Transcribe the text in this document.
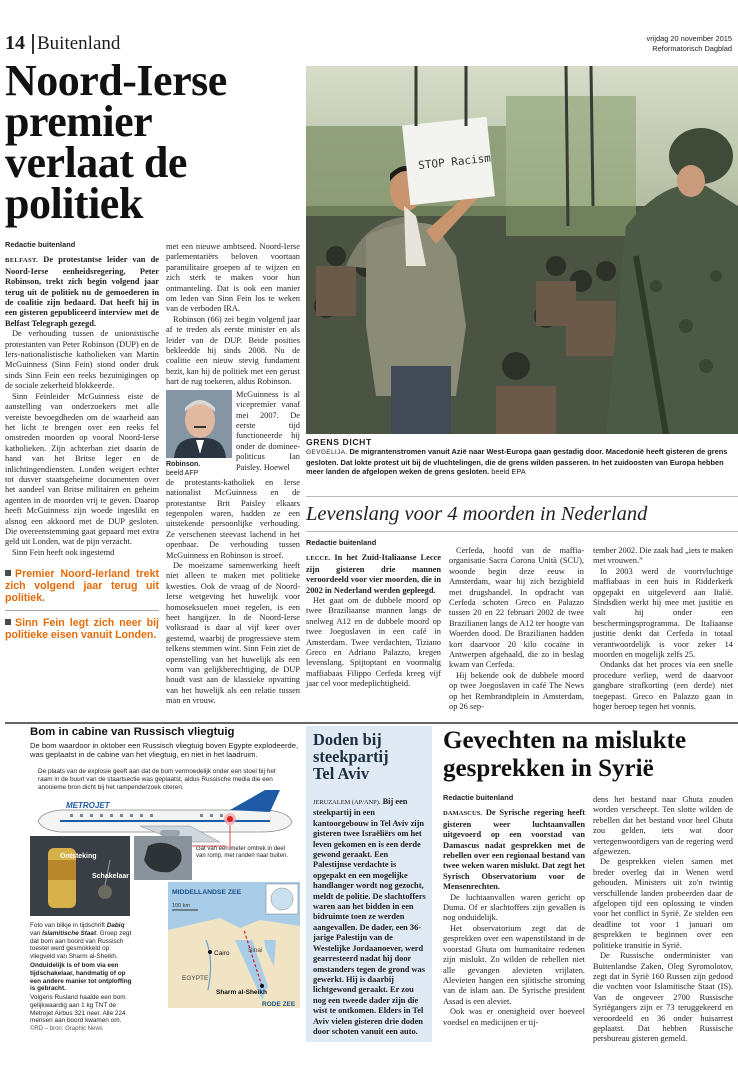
14 Buitenland	vrijdag 20 november 2015
Reformatorisch Dagblad
Noord-Ierse
premier
verlaat de
politiek
Redactie buitenland

BELFAST. De protestantse leider van de Noord-Ierse eenheidsregering, Peter Robinson, trekt zich begin volgend jaar terug uit de politiek nu de gemoederen in de coalitie zijn bedaard. Dat heeft hij in een gisteren gepubliceerd interview met de Belfast Telegraph gezegd.

De verhouding tussen de unionistische protestanten van Peter Robinson (DUP) en de Iers-nationalistische katholieken van Martin McGuinness (Sinn Fein) stond onder druk sinds Sinn Fein een reeks bezuinigingen op de sociale zekerheid blokkeerde.

Sinn Feinleider McGuinness eiste de aanstelling van onderzoekers met alle vereiste bevoegdheden om de waarheid aan het licht te brengen over een reeks fel omstreden moorden op vooral Noord-Ierse katholieken. Zijn achterban ziet daarin de hand van het Britse leger en de inlichtingendiensten. Londen weigert echter tot dusver staatsgeheime documenten over het aandeel van Britse militairen en geheim agenten in de moorden vrij te geven. Daarop heeft McGuinness zijn woede ingeslikt en alsnog een akkoord met de DUP gesloten. Die overeenstemming gaat gepaard met extra geld uit Londen, wat de pijn verzacht.

Sinn Fein heeft ook ingestemd

Premier Noord-Ierland trekt zich volgend jaar terug uit politiek.
Sinn Fein legt zich neer bij politieke eisen vanuit Londen.

met een nieuwe ambtseed. Noord-Ierse parlementariërs beloven voortaan paramilitaire groepen af te wijzen en zich sterk te maken voor hun ontmanteling. Dat is ook een manier om leden van Sinn Fein los te weken van de verboden IRA.

Robinson (66) zei begin volgend jaar af te treden als eerste minister en als leider van de DUP. Beide posities bekleedde hij sinds 2008. Nu de coalitie een nieuw stevig fundament bezit, kan hij de politiek met een gerust hart de rug toekeren, aldus Robinson.

Robinson.
beeld AFP
McGuinness is al vicepremier vanaf mei 2007. De eerste tijd functioneerde hij onder de dominee-politicus Ian Paisley. Hoewel

de protestants-katholiek en Ierse nationalist McGuinness en de protestantse Brit Paisley elkaars tegenpolen waren, hadden ze een uitstekende persoonlijke verhouding. Ze verschenen steevast lachend in het openbaar. De verhouding tussen McGuinness en Robinson is stroef.

De moeizame samenwerking heeft niet alleen te maken met politieke kwesties. Ook de vraag of de Noord-Ierse wetgeving het huwelijk voor homoseksuelen moet regelen, is een heet hangijzer. In de Noord-Ierse volksraad is daar al vijf keer over gestemd, waarbij de progressieve stem telkens stemmen wint. Sinn Fein ziet de openstelling van het huwelijk als een vorm van gelijkberechtiging, de DUP houdt vast aan de klassieke opvatting van het huwelijk als een relatie tussen man en vrouw.

STOP Racism
GRENS DICHT
GEVGELIJA. De migrantenstromen vanuit Azië naar West-Europa gaan gestadig door. Macedonië heeft gisteren de grens gesloten. Dat lokte protest uit bij de vluchtelingen, die de grens wilden passeren. In het zuidoosten van Europa hebben meer landen de afgelopen weken de grens gesloten. beeld EPA
Levenslang voor 4 moorden in Nederland
Redactie buitenland

LECCE. In het Zuid-Italiaanse Lecce zijn gisteren drie mannen veroordeeld voor vier moorden, die in 2002 in Nederland werden gepleegd.

Het gaat om de dubbele moord op twee Braziliaanse mannen langs de snelweg A12 en de dubbele moord op twee Joegoslaven in een café in Amsterdam. Twee verdachten, Tiziano Greco en Adriano Palazzo, kregen levenslang. Spijtoptant en voormalig maffiabaas Filippo Cerfeda kreeg vijf jaar cel voor medeplichtigheid.

Cerfeda, hoofd van de maffia-organisatie Sacra Corona Unità (SCU), woonde begin deze eeuw in Amsterdam, waar hij zich bezighield met drugshandel. In opdracht van Cerfeda schoten Greco en Palazzo tussen 20 en 22 februari 2002 de twee Brazilianen langs de A12 ter hoogte van Woerden dood. De Brazilianen hadden kort daarvoor 20 kilo cocaïne in Antwerpen afgehaald, die zo in beslag kwam van Cerfeda.

Hij bekende ook de dubbele moord op twee Joegoslaven in café The News op het Rembrandtplein in Amsterdam, op 26 sep-

tember 2002. Die zaak had „iets te maken met vrouwen.”

In 2003 werd de voortvluchtige maffiabaas in een huis in Ridderkerk opgepakt en uitgeleverd aan Italië. Sindsdien werkt hij mee met justitie en valt hij onder een beschermingsprogramma. De Italiaanse justitie denkt dat Cerfeda in totaal verantwoordelijk is voor zeker 14 moorden en mogelijk zelfs 25.

Ondanks dat het proces via een snelle procedure verliep, werd de daarvoor gangbare strafkorting (een derde) niet toegepast. Greco en Palazzo gaan in hoger beroep tegen het vonnis.

Bom in cabine van Russisch vliegtuig
De bom waardoor in oktober een Russisch vliegtuig boven Egypte explodeerde, was geplaatst in de cabine van het vliegtuig, en niet in het laadruim.
De plaats van de explosie geeft aan dat de bom vermoedelijk onder een stoel bij het raam in de buurt van de staartsectie was geplaatst, aldus Russische media die een anonieme bron dicht bij het rampenderzoek citeren.
METROJET
Ontsteking
Schakelaar
MIDDELLANDSE ZEE
100 km
Cairo	Sinai
EGYPTE
Sharm al-Sheikh
RODE ZEE
Gat van een meter omtrek in deel van romp, met randen naar buiten.
Foto van blikje in tijdschrift Dabiq van Islamitische Staat. Groep zegt dat bom aan boord van Russisch toestel werd gesmokkeld op vliegveld van Sharm al-Sheikh.
Onduidelijk is of bom via een tijdschakelaar, handmatig of op een andere manier tot ontploffing is gebracht.
Volgens Rusland haalde een bom gelijkwaardig aan 1 kg TNT de Metrojet Airbus 321 neer. Alle 224 mensen aan boord kwamen om.
©RD – bron: Graphic News
Doden bij
steekpartij
Tel Aviv
JERUZALEM (AP/ANP). Bij een steekpartij in een kantoorgebouw in Tel Aviv zijn gisteren twee Israëliërs om het leven gekomen en is een derde gewond geraakt. Een Palestijnse verdachte is opgepakt en een mogelijke handlanger wordt nog gezocht, meldt de politie. De slachtoffers waren aan het bidden in een bidruimte toen ze werden aangevallen. De dader, een 36-jarige Palestijn van de Westelijke Jordaanoever, werd gearresteerd nadat hij door omstanders tegen de grond was gewerkt. Hij is daarbij lichtgewond geraakt. Er zou nog een tweede dader zijn die wist te ontkomen. Elders in Tel Aviv vielen gisteren drie doden door schoten vanuit een auto.
Gevechten na mislukte
gesprekken in Syrië
Redactie buitenland

DAMASCUS. De Syrische regering heeft gisteren weer luchtaanvallen uitgevoerd op een voorstad van Damascus nadat gesprekken met de rebellen over een regionaal bestand van twee weken waren mislukt. Dat zegt het Syrisch Observatorium voor de Mensenrechten.

De luchtaanvallen waren gericht op Duma. Of er slachtoffers zijn gevallen is nog onduidelijk.

Het observatorium zegt dat de gesprekken over een wapenstilstand in de voorstad Ghuta om humanitaire redenen zijn mislukt. Zo wilden de rebellen niet alle gevangen alevieten vrijlaten. Alevieten hangen een sjiitische stroming van de islam aan. De Syrische president Assad is een aleviet.

Ook was er onenigheid over hoeveel voedsel en medicijnen er tij-

dens het bestand naar Ghuta zouden worden verscheept. Ten slotte wilden de rebellen dat het bestand voor heel Ghuta zou gelden, iets wat door vertegenwoordigers van de regering werd afgewezen.

De gesprekken vielen samen met breder overleg dat in Wenen werd gehouden. Ministers uit zo'n twintig verschillende landen probeerden daar de afgelopen tijd een oplossing te vinden voor het conflict in Syrië. Ze stelden een deadline tot voor 1 januari om gesprekken te beginnen over een politieke transitie in Syrië.

De Russische onderminister van Buitenlandse Zaken, Oleg Syromolotov, zegt dat in Syrië 160 Russen zijn gedood die vochten voor Islamitische Staat (IS). Van de ongeveer 2700 Russische Syriëgangers zijn er 73 teruggekeerd en veroordeeld en 36 onder huisarrest geplaatst. Dat hebben Russische persbureau gisteren gemeld.
